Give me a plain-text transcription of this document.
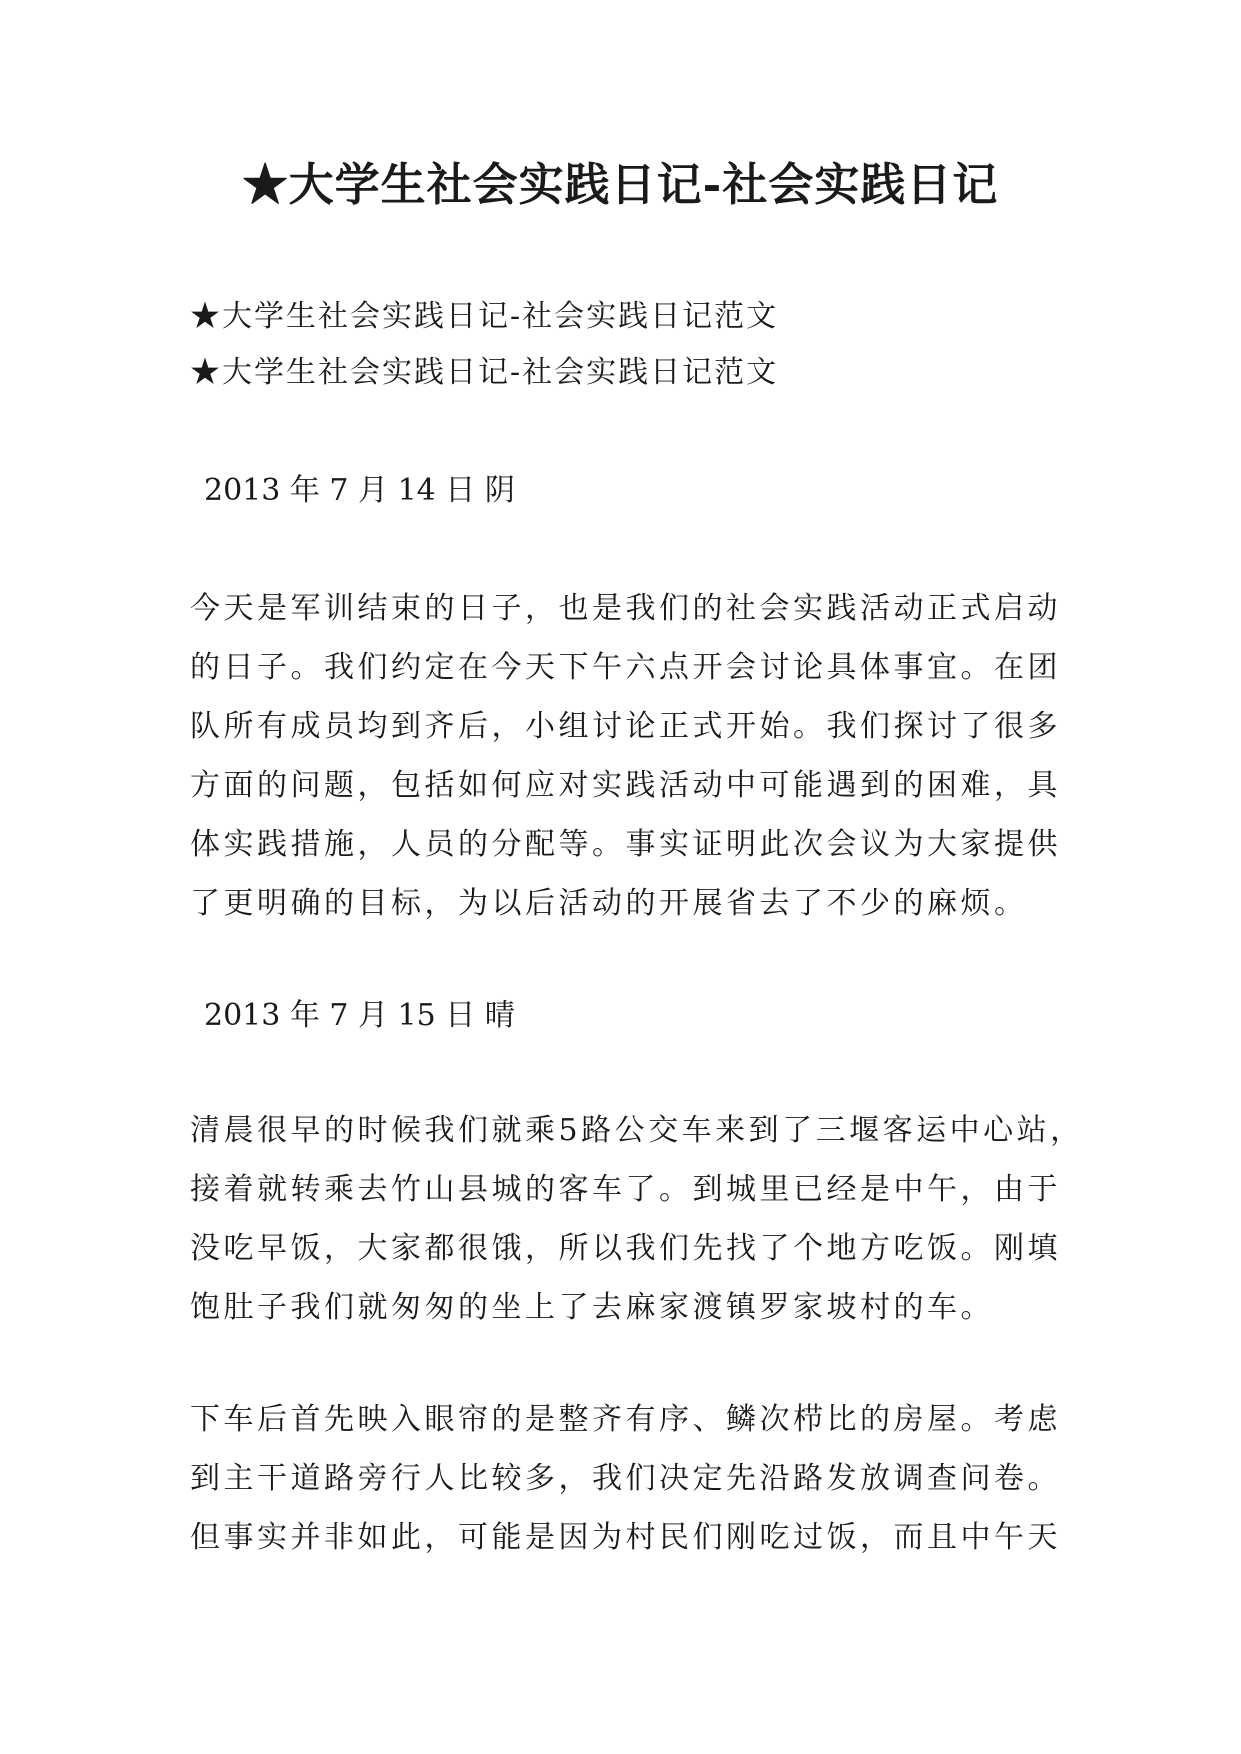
★大学生社会实践日记-社会实践日记

★大学生社会实践日记-社会实践日记范文

★大学生社会实践日记-社会实践日记范文

2013 年 7 月 14 日 阴

今天是军训结束的日子，也是我们的社会实践活动正式启动
的日子。我们约定在今天下午六点开会讨论具体事宜。在团
队所有成员均到齐后，小组讨论正式开始。我们探讨了很多
方面的问题，包括如何应对实践活动中可能遇到的困难，具
体实践措施，人员的分配等。事实证明此次会议为大家提供
了更明确的目标，为以后活动的开展省去了不少的麻烦。

2013 年 7 月 15 日 晴

清晨很早的时候我们就乘5路公交车来到了三堰客运中心站，
接着就转乘去竹山县城的客车了。到城里已经是中午，由于
没吃早饭，大家都很饿，所以我们先找了个地方吃饭。刚填
饱肚子我们就匆匆的坐上了去麻家渡镇罗家坡村的车。
下车后首先映入眼帘的是整齐有序、鳞次栉比的房屋。考虑
到主干道路旁行人比较多，我们决定先沿路发放调查问卷。
但事实并非如此，可能是因为村民们刚吃过饭，而且中午天
